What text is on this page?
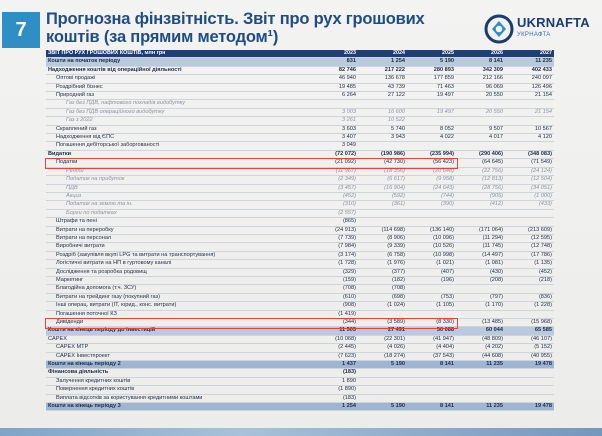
7	Прогнозна фінзвітність. Звіт про рух грошових коштів (за прямим методом¹)
UKRNAFTA
УКРНАФТА
ЗВІТ ПРО РУХ ГРОШОВИХ КОШТІВ, млн грн	2023	2024	2025	2026	2027
Кошти на початок періоду	831	1 254	5 190	8 141	11 235
Надходження коштів від операційної діяльності	82 746	217 222	280 893	342 309	402 433
Оптові продажі	46 940	136 678	177 859	212 166	240 097
Роздрібний бізнес	19 485	43 739	71 463	96 069	126 496
Природний газ	6 264	27 122	19 497	20 550	21 154
Газ без ПДВ, нафтового покладів видобутку					
Газ без ПДВ операційного видобутку	3 003	16 600	19 497	20 550	21 154
Газ з 2022	3 261	10 522			
Скраплений газ	3 603	5 740	8 052	9 507	10 567
Надходження від ЄПС	3 407	3 943	4 022	4 017	4 120
Погашення дебіторської заборгованості	3 049				
Видатки	(72 072)	(190 986)	(235 994)	(290 406)	(348 083)
Податки	(21 092)	(42 730)	(56 423)	(64 645)	(71 549)
Ренти	(11 967)	(18 356)	(20 648)	(22 756)	(24 124)
Податок на прибуток	(2 349)	(6 617)	(9 958)	(12 813)	(12 504)
ПДВ	(3 457)	(16 904)	(24 643)	(28 756)	(34 051)
Акциз	(452)	(592)	(744)	(905)	(1 000)
Податок на землю та ін.	(310)	(361)	(390)	(412)	(433)
Борги по податках	(2 557)				
Штрафи та пені	(865)				
Витрати на переробку	(24 913)	(114 698)	(136 140)	(171 064)	(213 609)
Витрати на персонал	(7 739)	(8 906)	(10 096)	(11 294)	(12 595)
Виробничі витрати	(7 984)	(9 339)	(10 526)	(11 745)	(12 748)
Роздріб (закупівля вкупі LPG та витрати на транспортування)	(3 174)	(6 758)	(10 998)	(14 497)	(17 786)
Логістичні витрати на НП в гуртовому каналі	(1 728)	(1 976)	(1 021)	(1 081)	(1 135)
Дослідження та розробка родовищ	(329)	(377)	(407)	(430)	(452)
Маркетинг	(159)	(182)	(196)	(208)	(218)
Благодійна допомога (т.ч. ЗСУ)	(708)	(708)			
Витрати на трейдинг газу (покупний газ)	(610)	(698)	(753)	(797)	(836)
Інші операц. витрати (IT, юрид., конс. витрати)	(908)	(1 024)	(1 105)	(1 170)	(1 228)
Погашення поточної КЗ	(1 419)				
Дивіденди	(344)	(3 589)	(8 330)	(13 485)	(15 968)
Кошти на кінець періоду до інвестицій	11 505	27 491	50 088	60 044	65 585
CAPEX	(10 068)	(22 301)	(41 947)	(48 809)	(46 107)
CAPEX МТР	(2 445)	(4 026)	(4 404)	(4 202)	(5 152)
CAPEX Інвестпроект	(7 623)	(18 274)	(37 543)	(44 608)	(40 955)
Кошти на кінець періоду 2	1 437	5 190	8 141	11 235	19 478
Фінансова діяльність	(183)				
Залучення кредитних коштів	1 890				
Повернення кредитних коштів	(1 890)				
Виплата відсотків за користування кредитними коштами	(183)				
Кошти на кінець періоду 3	1 254	5 190	8 141	11 235	19 478
